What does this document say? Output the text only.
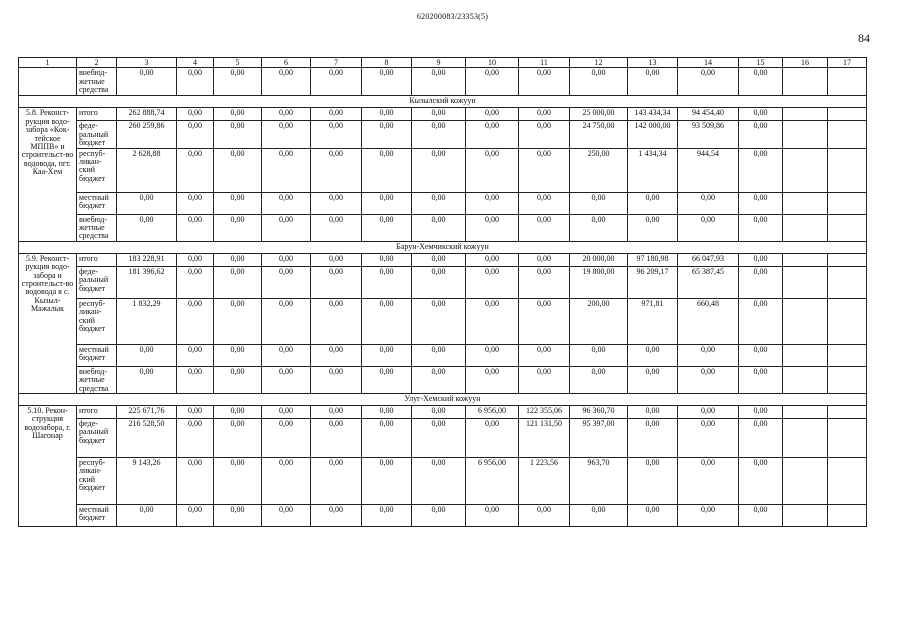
620200083/23353(5)
84
1	2	3	4	5	6	7	8	9	10	11	12	13	14	15	16	17
	внебюд-жетные средства	0,00	0,00	0,00	0,00	0,00	0,00	0,00	0,00	0,00	0,00	0,00	0,00	0,00		
Кызылский кожуун																
5.8. Реконст-рукция водо-забора «Кок-тейское МППВ» и строительст-во водовода, пгт. Каа-Хем	итого	262 888,74	0,00	0,00	0,00	0,00	0,00	0,00	0,00	0,00	25 000,00	143 434,34	94 454,40	0,00		
	феде-ральный бюджет	260 259,86	0,00	0,00	0,00	0,00	0,00	0,00	0,00	0,00	24 750,00	142 000,00	93 509,86	0,00		
	респуб-ликан-ский бюджет	2 628,88	0,00	0,00	0,00	0,00	0,00	0,00	0,00	0,00	250,00	1 434,34	944,54	0,00		
	местный бюджет	0,00	0,00	0,00	0,00	0,00	0,00	0,00	0,00	0,00	0,00	0,00	0,00	0,00		
	внебюд-жетные средства	0,00	0,00	0,00	0,00	0,00	0,00	0,00	0,00	0,00	0,00	0,00	0,00	0,00		
Барун-Хемчикский кожуун																
5.9. Реконст-рукция водо-забора и строительст-во водовода в с. Кызыл-Мажалык	итого	183 228,91	0,00	0,00	0,00	0,00	0,00	0,00	0,00	0,00	20 000,00	97 180,98	66 047,93	0,00		
	феде-ральный бюджет	181 396,62	0,00	0,00	0,00	0,00	0,00	0,00	0,00	0,00	19 800,00	96 209,17	65 387,45	0,00		
	респуб-ликан-ский бюджет	1 832,29	0,00	0,00	0,00	0,00	0,00	0,00	0,00	0,00	200,00	971,81	660,48	0,00		
	местный бюджет	0,00	0,00	0,00	0,00	0,00	0,00	0,00	0,00	0,00	0,00	0,00	0,00	0,00		
	внебюд-жетные средства	0,00	0,00	0,00	0,00	0,00	0,00	0,00	0,00	0,00	0,00	0,00	0,00	0,00		
Улуг-Хемский кожуун																
5.10. Рекон-струкция водозабора, г. Шагонар	итого	225 671,76	0,00	0,00	0,00	0,00	0,00	0,00	6 956,00	122 355,06	96 360,70	0,00	0,00	0,00		
	феде-ральный бюджет	216 528,50	0,00	0,00	0,00	0,00	0,00	0,00	0,00	121 131,50	95 397,00	0,00	0,00	0,00		
	респуб-ликан-ский бюджет	9 143,26	0,00	0,00	0,00	0,00	0,00	0,00	6 956,00	1 223,56	963,70	0,00	0,00	0,00		
	местный бюджет	0,00	0,00	0,00	0,00	0,00	0,00	0,00	0,00	0,00	0,00	0,00	0,00	0,00		
